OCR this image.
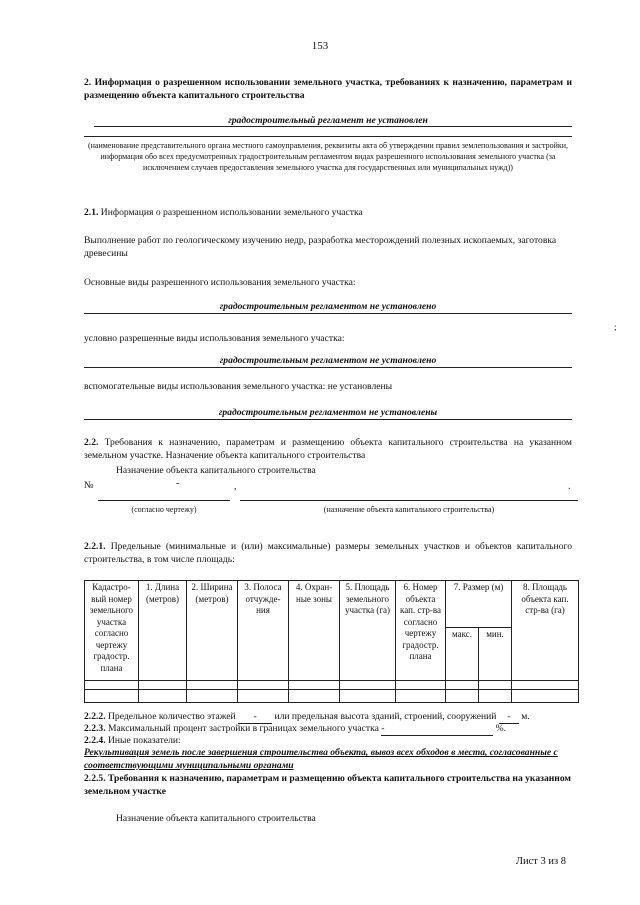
153
2. Информация о разрешенном использовании земельного участка, требованиях к назначению, параметрам и размещению объекта капитального строительства
градостроительный регламент не установлен
(наименование представительного органа местного самоуправления, реквизиты акта об утверждении правил землепользования и застройки, информация обо всех предусмотренных градостроительным регламентом видах разрешенного использования земельного участка (за исключением случаев предоставления земельного участка для государственных или муниципальных нужд))
2.1. Информация о разрешенном использовании земельного участка
Выполнение работ по геологическому изучению недр, разработка месторождений полезных ископаемых, заготовка древесины
Основные виды разрешенного использования земельного участка:
градостроительным регламентом не установлено
;
условно разрешенные виды использования земельного участка:
градостроительным регламентом не установлено
вспомогательные виды использования земельного участка: не установлены
градостроительным регламентом не установлены
2.2. Требования к назначению, параметрам и размещению объекта капитального строительства на указанном земельном участке. Назначение объекта капитального строительства
Назначение объекта капитального строительства
№	-	,	.
(согласно чертежу)	(назначение объекта капитального строительства)
2.2.1. Предельные (минимальные и (или) максимальные) размеры земельных участков и объектов капитального строительства, в том числе площадь:
Кадастро-вый номер земельного участка согласно чертежу градостр. плана	1. Длина (метров)	2. Ширина (метров)	3. Полоса отчужде-ния	4. Охран-ные зоны	5. Площадь земельного участка (га)	6. Номер объекта кап. стр-ва согласно чертежу градостр. плана	7. Размер (м)		8. Площадь объекта кап. стр-ва (га)
							макс.	мин.	

2.2.2. Предельное количество этажей - или предельная высота зданий, строений, сооружений - м.
2.2.3. Максимальный процент застройки в границах земельного участка -	%.
2.2.4. Иные показатели:
Рекультивация земель после завершения строительства объекта, вывоз всех обходов в места, согласованные с соответствующими муниципальными органами
2.2.5. Требования к назначению, параметрам и размещению объекта капитального строительства на указанном земельном участке
Назначение объекта капитального строительства
Лист 3 из 8
